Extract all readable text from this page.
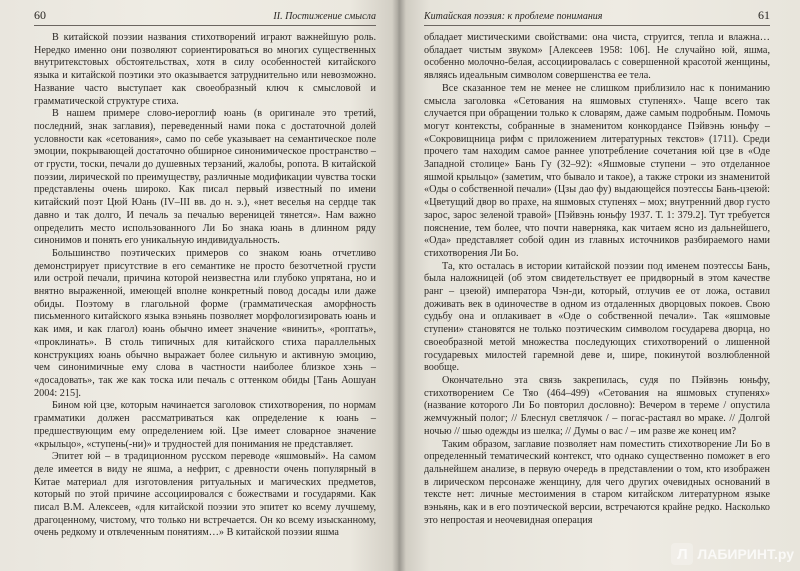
60	II. Постижение смысла

В китайской поэзии названия стихотворений играют важнейшую роль. Нередко именно они позволяют сориентироваться во многих существенных внутритекстовых обстоятельствах, хотя в силу особенностей китайского языка и китайской поэтики это оказывается затруднительно или невозможно. Название часто выступает как своеобразный ключ к смысловой и грамматической структуре стиха.

В нашем примере слово-иероглиф юань (в оригинале это третий, последний, знак заглавия), переведенный нами пока с достаточной долей условности как «сетования», само по себе указывает на семантическое поле эмоции, покрывающей достаточно обширное синонимическое пространство – от грусти, тоски, печали до душевных терзаний, жалобы, ропота. В китайской поэзии, лирической по преимуществу, различные модификации чувства тоски представлены очень широко. Как писал первый известный по имени китайский поэт Цюй Юань (IV–III вв. до н. э.), «нет веселья на сердце так давно и так долго, И печаль за печалью вереницей тянется». Нам важно определить место использованного Ли Бо знака юань в длинном ряду синонимов и понять его уникальную индивидуальность.

Большинство поэтических примеров со знаком юань отчетливо демонстрирует присутствие в его семантике не просто безотчетной грусти или острой печали, причина которой неизвестна или глубоко упрятана, но и внятно выраженной, имеющей вполне конкретный повод досады или даже обиды. Поэтому в глагольной форме (грамматическая аморфность письменного китайского языка вэньянь позволяет морфологизировать юань и как имя, и как глагол) юань обычно имеет значение «винить», «роптать», «проклинать». В столь типичных для китайского стиха параллельных конструкциях юань обычно выражает более сильную и активную эмоцию, чем синонимичные ему слова в частности наиболее близкое хэнь – «досадовать», так же как тоска или печаль с оттенком обиды [Тань Аошуан 2004: 215].

Бином юй цзе, которым начинается заголовок стихотворения, по нормам грамматики должен рассматриваться как определение к юань – предшествующим ему определением юй. Цзе имеет словарное значение «крыльцо», «ступень(-ни)» и трудностей для понимания не представляет.

Эпитет юй – в традиционном русском переводе «яшмовый». На самом деле имеется в виду не яшма, а нефрит, с древности очень популярный в Китае материал для изготовления ритуальных и магических предметов, который по этой причине ассоциировался с божествами и государями. Как писал В.М. Алексеев, «для китайской поэзии это эпитет ко всему лучшему, драгоценному, чистому, что только ни встречается. Он ко всему изысканному, очень редкому и отвлеченным понятиям…» В китайской поэзии яшма

Китайская поэзия: к проблеме понимания	61

обладает мистическими свойствами: она чиста, струится, тепла и влажна… обладает чистым звуком» [Алексеев 1958: 106]. Не случайно юй, яшма, особенно молочно-белая, ассоциировалась с совершенной красотой женщины, являясь идеальным символом совершенства ее тела.

Все сказанное тем не менее не слишком приблизило нас к пониманию смысла заголовка «Сетования на яшмовых ступенях». Чаще всего так случается при обращении только к словарям, даже самым подробным. Помочь могут контексты, собранные в знаменитом конкордансе Пэйвэнь юньфу – «Сокровищница рифм с приложением литературных текстов» (1711). Среди прочего там находим самое раннее употребление сочетания юй цзе в «Оде Западной столице» Бань Гу (32–92): «Яшмовые ступени – это отделанное яшмой крыльцо» (заметим, что бывало и такое), а также строки из знаменитой «Оды о собственной печали» (Цзы дао фу) выдающейся поэтессы Бань-цзеюй: «Цветущий двор во прахе, на яшмовых ступенях – мох; внутренний двор густо зарос, зарос зеленой травой» [Пэйвэнь юньфу 1937. Т. 1: 379.2]. Тут требуется пояснение, тем более, что почти наверняка, как читаем ясно из дальнейшего, «Ода» представляет собой один из главных источников разбираемого нами стихотворения Ли Бо.

Та, кто осталась в истории китайской поэзии под именем поэтессы Бань, была наложницей (об этом свидетельствует ее придворный в этом качестве ранг – цзеюй) императора Чэн-ди, который, отлучив ее от ложа, оставил доживать век в одиночестве в одном из отдаленных дворцовых покоев. Свою судьбу она и оплакивает в «Оде о собственной печали». Так «яшмовые ступени» становятся не только поэтическим символом государева дворца, но своеобразной метой множества последующих стихотворений о лишенной государевых милостей гаремной деве и, шире, покинутой возлюбленной вообще.

Окончательно эта связь закрепилась, судя по Пэйвэнь юньфу, стихотворением Се Тяо (464–499) «Сетования на яшмовых ступенях» (название которого Ли Бо повторил дословно): Вечером в тереме / опустила жемчужный полог; // Блеснул светлячок / – погас-растаял во мраке. // Долгой ночью // шью одежды из шелка; // Думы о вас / – им разве же конец им?

Таким образом, заглавие позволяет нам поместить стихотворение Ли Бо в определенный тематический контекст, что однако существенно поможет в его дальнейшем анализе, в первую очередь в представлении о том, кто изображен в лирическом персонаже женщину, для чего других очевидных оснований в тексте нет: личные местоимения в старом китайском литературном языке вэньянь, как и в его поэтической версии, встречаются крайне редко. Насколько это непростая и неочевидная операция

Л ЛАБИРИНТ.ру
